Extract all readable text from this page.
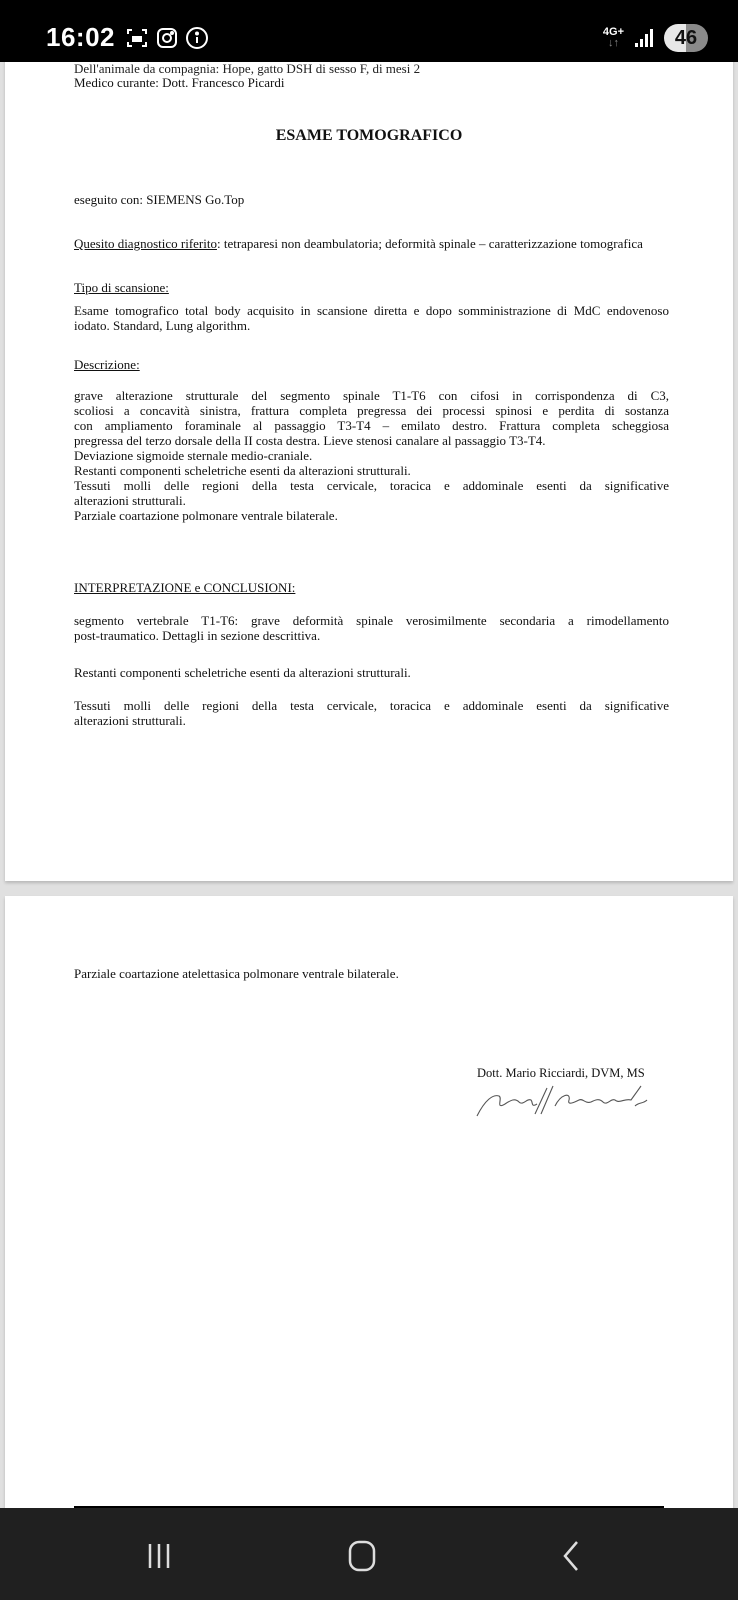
16:02	4G+
↓↑	46
Dell'animale da compagnia: Hope, gatto DSH di sesso F, di mesi 2
Medico curante: Dott. Francesco Picardi
ESAME TOMOGRAFICO
eseguito con: SIEMENS Go.Top
Quesito diagnostico riferito: tetraparesi non deambulatoria; deformità spinale – caratterizzazione tomografica
Tipo di scansione:
Esame tomografico total body acquisito in scansione diretta e dopo somministrazione di MdC endovenoso
iodato. Standard, Lung algorithm.
Descrizione:
grave alterazione strutturale del segmento spinale T1-T6 con cifosi in corrispondenza di C3,
scoliosi a concavità sinistra, frattura completa pregressa dei processi spinosi e perdita di sostanza
con ampliamento foraminale al passaggio T3-T4 – emilato destro. Frattura completa scheggiosa
pregressa del terzo dorsale della II costa destra. Lieve stenosi canalare al passaggio T3-T4.
Deviazione sigmoide sternale medio-craniale.
Restanti componenti scheletriche esenti da alterazioni strutturali.
Tessuti molli delle regioni della testa cervicale, toracica e addominale esenti da significative
alterazioni strutturali.
Parziale coartazione polmonare ventrale bilaterale.
INTERPRETAZIONE e CONCLUSIONI:
segmento vertebrale T1-T6: grave deformità spinale verosimilmente secondaria a rimodellamento
post-traumatico. Dettagli in sezione descrittiva.
Restanti componenti scheletriche esenti da alterazioni strutturali.
Tessuti molli delle regioni della testa cervicale, toracica e addominale esenti da significative
alterazioni strutturali.
Parziale coartazione atelettasica polmonare ventrale bilaterale.
Dott. Mario Ricciardi, DVM, MS
